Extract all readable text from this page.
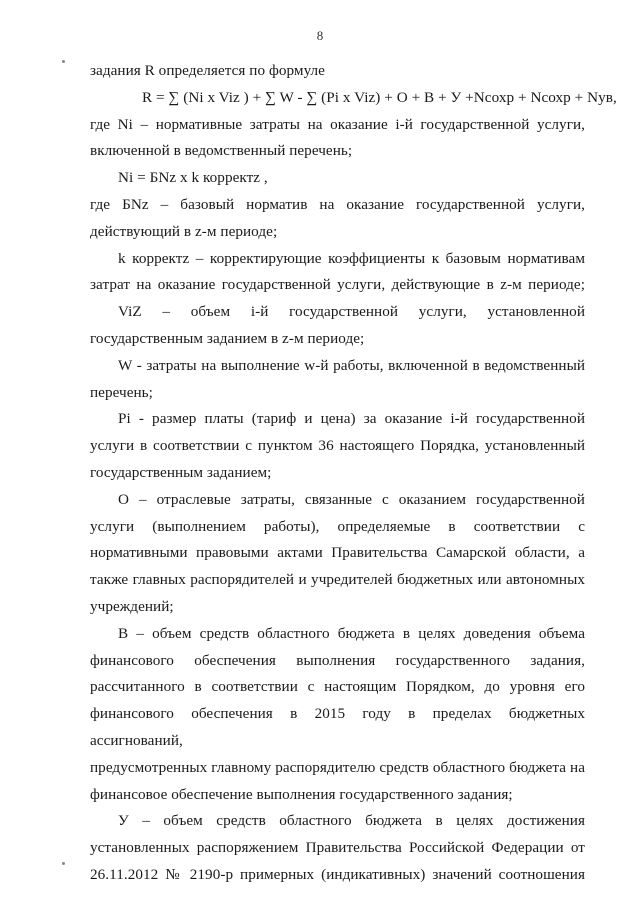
8
задания R определяется по формуле
R = ∑ (Ni x Viz ) + ∑ W - ∑ (Pi x Viz) + O + B + У +Nсохр + Nсохр + Nув,
где Ni – нормативные затраты на оказание i-й государственной услуги,
включенной в ведомственный перечень;
Ni = БNz x k корректz ,
где БNz – базовый норматив на оказание государственной услуги,
действующий в z-м периоде;
k корректz – корректирующие коэффициенты к базовым нормативам
затрат на оказание государственной услуги, действующие в z-м периоде;
ViZ – объем i-й государственной услуги, установленной
государственным заданием в z-м периоде;
W - затраты на выполнение w-й работы, включенной в ведомственный
перечень;
Pi - размер платы (тариф и цена) за оказание i-й государственной
услуги в соответствии с пунктом 36 настоящего Порядка, установленный
государственным заданием;
О – отраслевые затраты, связанные с оказанием государственной
услуги (выполнением работы), определяемые в соответствии с
нормативными правовыми актами Правительства Самарской области, а
также главных распорядителей и учредителей бюджетных или автономных
учреждений;
В – объем средств областного бюджета в целях доведения объема
финансового обеспечения выполнения государственного задания,
рассчитанного в соответствии с настоящим Порядком, до уровня его
финансового обеспечения в 2015 году в пределах бюджетных ассигнований,
предусмотренных главному распорядителю средств областного бюджета на
финансовое обеспечение выполнения государственного задания;
У – объем средств областного бюджета в целях достижения
установленных распоряжением Правительства Российской Федерации от
26.11.2012 № 2190-р примерных (индикативных) значений соотношения
